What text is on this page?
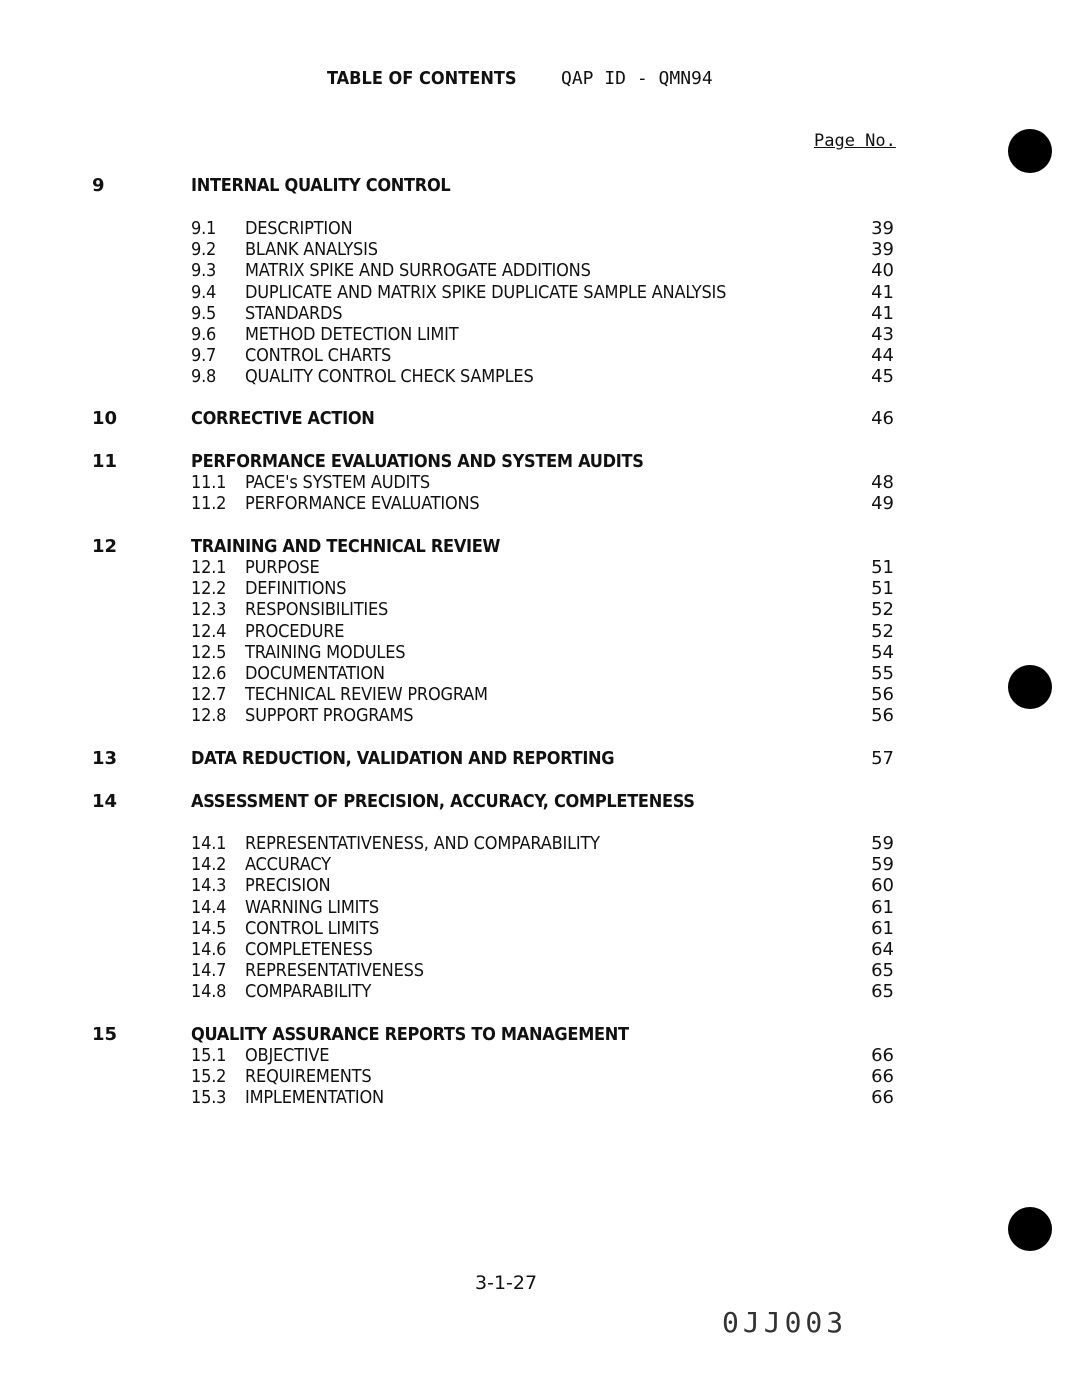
TABLE OF CONTENTS QAP ID - QMN94
Page No.
9	INTERNAL QUALITY CONTROL
9.1 DESCRIPTION	39
9.2 BLANK ANALYSIS	39
9.3 MATRIX SPIKE AND SURROGATE ADDITIONS	40
9.4 DUPLICATE AND MATRIX SPIKE DUPLICATE SAMPLE ANALYSIS	41
9.5 STANDARDS	41
9.6 METHOD DETECTION LIMIT	43
9.7 CONTROL CHARTS	44
9.8 QUALITY CONTROL CHECK SAMPLES	45
10	CORRECTIVE ACTION	46
11	PERFORMANCE EVALUATIONS AND SYSTEM AUDITS
11.1 PACE's SYSTEM AUDITS	48
11.2 PERFORMANCE EVALUATIONS	49
12	TRAINING AND TECHNICAL REVIEW
12.1 PURPOSE	51
12.2 DEFINITIONS	51
12.3 RESPONSIBILITIES	52
12.4 PROCEDURE	52
12.5 TRAINING MODULES	54
12.6 DOCUMENTATION	55
12.7 TECHNICAL REVIEW PROGRAM	56
12.8 SUPPORT PROGRAMS	56
13	DATA REDUCTION, VALIDATION AND REPORTING	57
14	ASSESSMENT OF PRECISION, ACCURACY, COMPLETENESS
14.1 REPRESENTATIVENESS, AND COMPARABILITY	59
14.2 ACCURACY	59
14.3 PRECISION	60
14.4 WARNING LIMITS	61
14.5 CONTROL LIMITS	61
14.6 COMPLETENESS	64
14.7 REPRESENTATIVENESS	65
14.8 COMPARABILITY	65
15	QUALITY ASSURANCE REPORTS TO MANAGEMENT
15.1 OBJECTIVE	66
15.2 REQUIREMENTS	66
15.3 IMPLEMENTATION	66
3-1-27
0JJ003
